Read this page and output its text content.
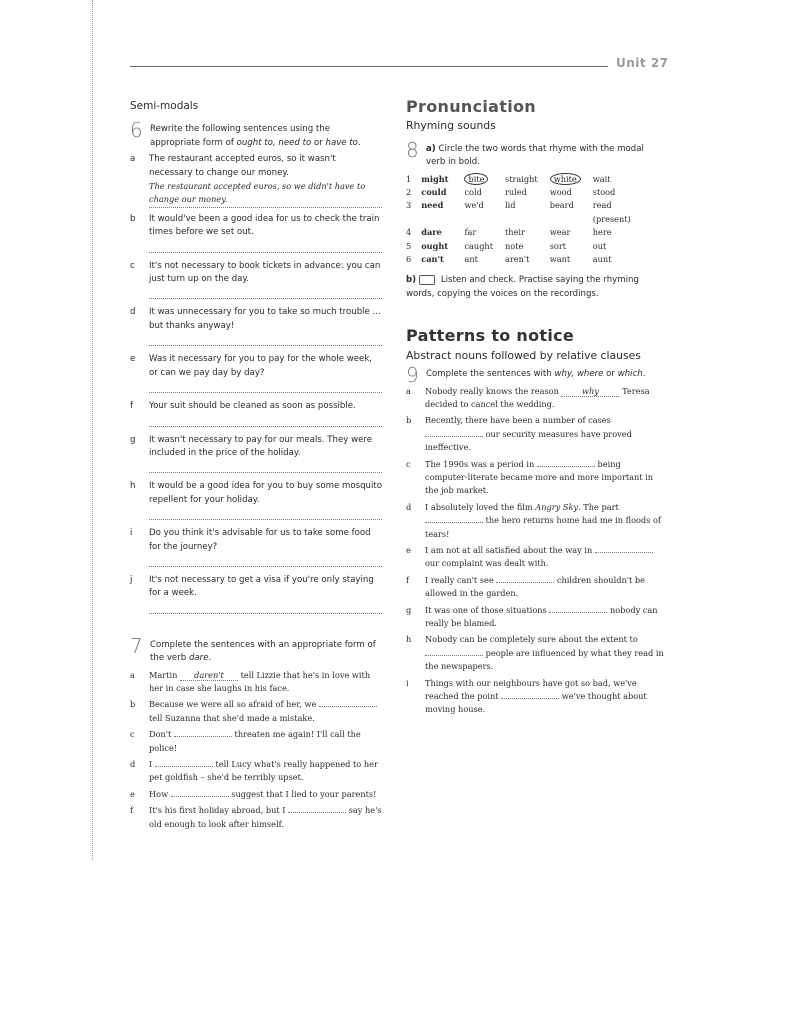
Unit 27
Semi-modals
6 Rewrite the following sentences using the appropriate form of ought to, need to or have to.
a The restaurant accepted euros, so it wasn't necessary to change our money.
The restaurant accepted euros, so we didn't have to change our money.
b It would've been a good idea for us to check the train times before we set out.
c It's not necessary to book tickets in advance: you can just turn up on the day.
d It was unnecessary for you to take so much trouble ... but thanks anyway!
e Was it necessary for you to pay for the whole week, or can we pay day by day?
f Your suit should be cleaned as soon as possible.
g It wasn't necessary to pay for our meals. They were included in the price of the holiday.
h It would be a good idea for you to buy some mosquito repellent for your holiday.
i Do you think it's advisable for us to take some food for the journey?
j It's not necessary to get a visa if you're only staying for a week.
7 Complete the sentences with an appropriate form of the verb dare.
a Martin daren't tell Lizzie that he's in love with her in case she laughs in his face.
b Because we were all so afraid of her, we  tell Suzanna that she'd made a mistake.
c Don't	threaten me again! I'll call the police!
d I	tell Lucy what's really happened to her pet goldfish – she'd be terribly upset.
e How	suggest that I lied to your parents!
f It's his first holiday abroad, but I	say he's old enough to look after himself.
Pronunciation
Rhyming sounds
8 a) Circle the two words that rhyme with the modal verb in bold.
1	might	bite	straight	white	wait
2	could	cold	ruled	wood	stood
3	need	we'd	lid	beard	read (present)
4	dare	far	their	wear	here
5	ought	caught	note	sort	out
6	can't	ant	aren't	want	aunt
b)	Listen and check. Practise saying the rhyming words, copying the voices on the recordings.
Patterns to notice
Abstract nouns followed by relative clauses
9 Complete the sentences with why, where or which.
a Nobody really knows the reason	why	Teresa decided to cancel the wedding.
b Recently, there have been a number of cases  our security measures have proved ineffective.
c The 1990s was a period in	being computer-literate became more and more important in the job market.
d I absolutely loved the film Angry Sky. The part  the hero returns home had me in floods of tears!
e I am not at all satisfied about the way in  our complaint was dealt with.
f I really can't see	children shouldn't be allowed in the garden.
g It was one of those situations	nobody can really be blamed.
h Nobody can be completely sure about the extent to  people are influenced by what they read in the newspapers.
i Things with our neighbours have got so bad, we've reached the point	we've thought about moving house.
